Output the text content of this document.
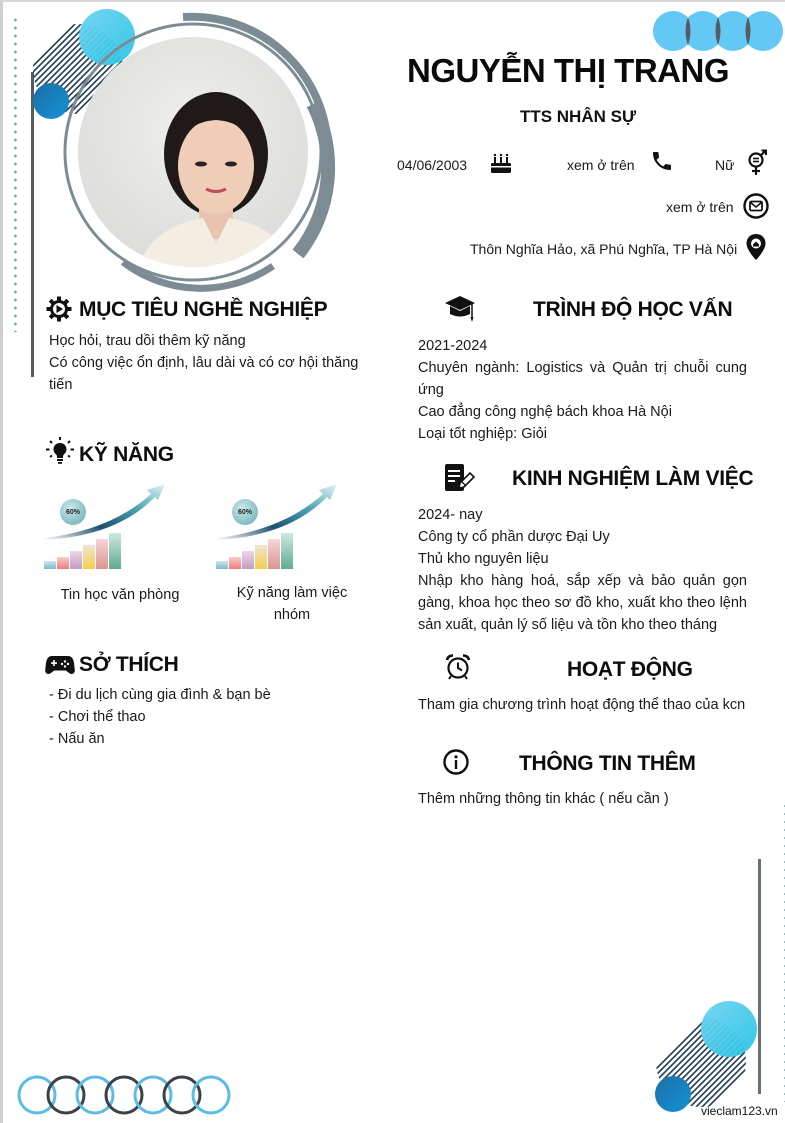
NGUYỄN THỊ TRANG
TTS NHÂN SỰ
04/06/2003	xem ở trên	Nữ
xem ở trên
Thôn Nghĩa Hảo, xã Phú Nghĩa, TP Hà Nội
MỤC TIÊU NGHỀ NGHIỆP
Học hỏi, trau dồi thêm kỹ năng
Có công việc ổn định, lâu dài và có cơ hội thăng tiến
KỸ NĂNG
60%
Tin học văn phòng
60%
Kỹ năng làm việc nhóm
SỞ THÍCH
- Đi du lịch cùng gia đình & bạn bè
- Chơi thể thao
- Nấu ăn
TRÌNH ĐỘ HỌC VẤN
2021-2024
Chuyên ngành: Logistics và Quản trị chuỗi cung ứng
Cao đẳng công nghệ bách khoa Hà Nội
Loại tốt nghiệp: Giỏi
KINH NGHIỆM LÀM VIỆC
2024- nay
Công ty cổ phần dược Đại Uy
Thủ kho nguyên liệu
Nhập kho hàng hoá, sắp xếp và bảo quản gọn gàng, khoa học theo sơ đồ kho, xuất kho theo lệnh sản xuất, quản lý số liệu và tồn kho theo tháng
HOẠT ĐỘNG
Tham gia chương trình hoạt động thể thao của kcn
THÔNG TIN THÊM
Thêm những thông tin khác ( nếu cần )
vieclam123.vn
